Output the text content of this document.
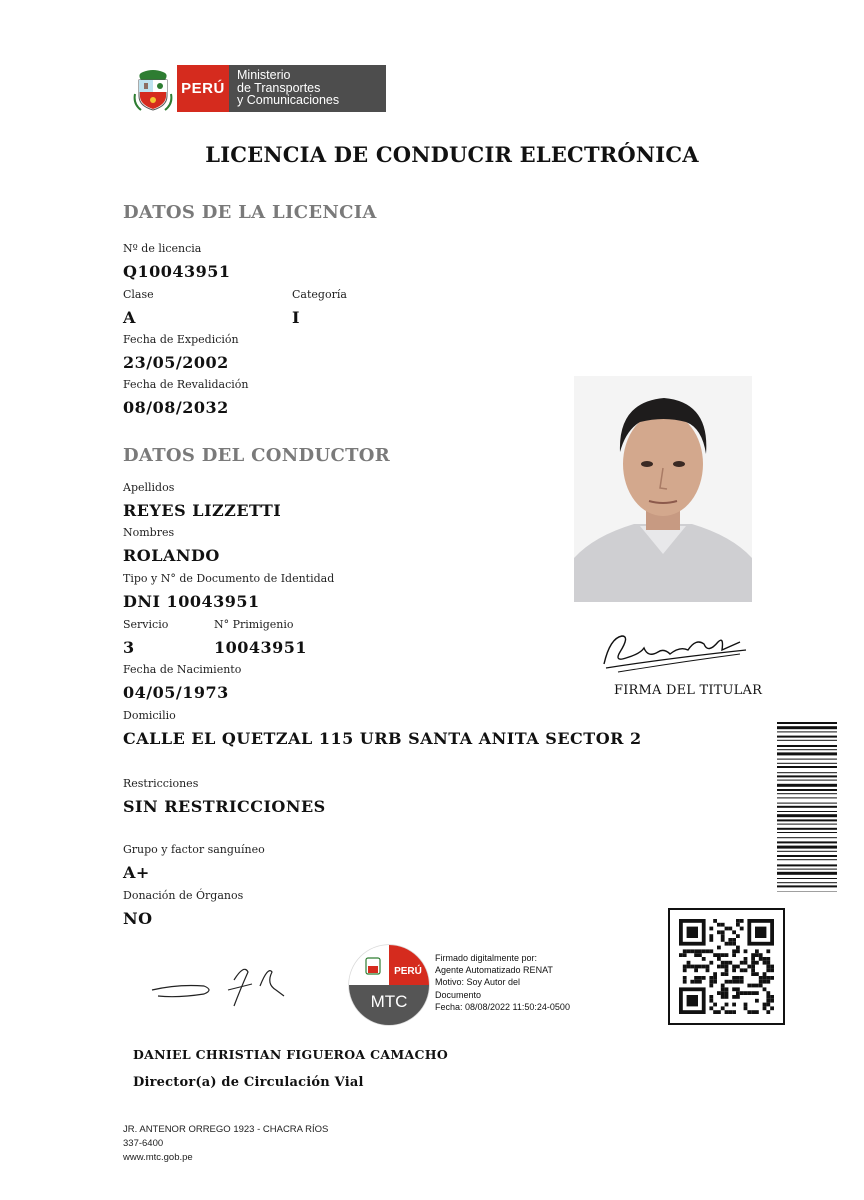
PERÚ
Ministerio
de Transportes
y Comunicaciones
LICENCIA DE CONDUCIR ELECTRÓNICA
DATOS DE LA LICENCIA
Nº de licencia
Q10043951
Clase
A
Categoría
I
Fecha de Expedición
23/05/2002
Fecha de Revalidación
08/08/2032
DATOS DEL CONDUCTOR
Apellidos
REYES LIZZETTI
Nombres
ROLANDO
Tipo y N° de Documento de Identidad
DNI 10043951
Servicio
3
N° Primigenio
10043951
Fecha de Nacimiento
04/05/1973
Domicilio
CALLE EL QUETZAL 115 URB SANTA ANITA SECTOR 2
Restricciones
SIN RESTRICCIONES
Grupo y factor sanguíneo
A+
Donación de Órganos
NO
FIRMA DEL TITULAR
PERÚ
MTC
Firmado digitalmente por:
Agente Automatizado RENAT
Motivo: Soy Autor del
Documento
Fecha: 08/08/2022 11:50:24-0500
DANIEL CHRISTIAN FIGUEROA CAMACHO
Director(a) de Circulación Vial
JR. ANTENOR ORREGO 1923 - CHACRA RÍOS
337-6400
www.mtc.gob.pe
